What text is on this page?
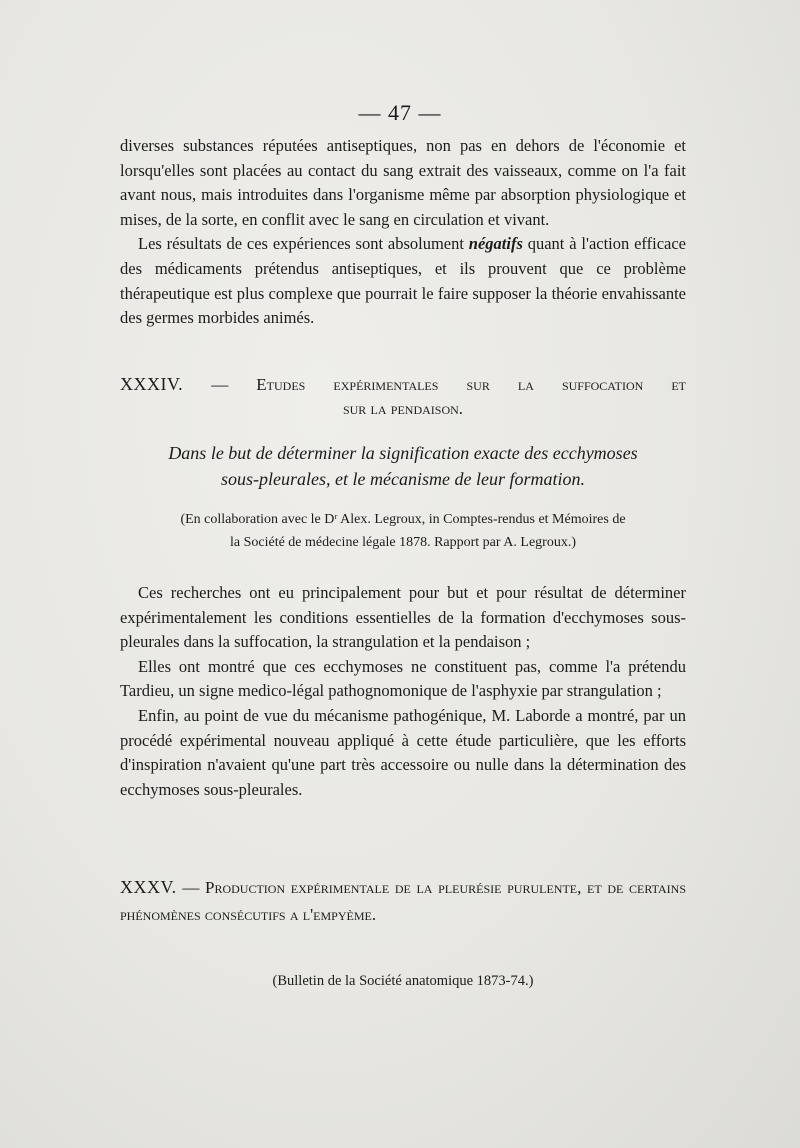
— 47 —

diverses substances réputées antiseptiques, non pas en dehors de l'économie et lorsqu'elles sont placées au contact du sang extrait des vaisseaux, comme on l'a fait avant nous, mais introduites dans l'organisme même par absorption physiologique et mises, de la sorte, en conflit avec le sang en circulation et vivant.

Les résultats de ces expériences sont absolument négatifs quant à l'action efficace des médicaments prétendus antiseptiques, et ils prouvent que ce problème thérapeutique est plus complexe que pourrait le faire supposer la théorie envahissante des germes morbides animés.

XXXIV. — Etudes expérimentales sur la suffocation et
sur la pendaison.
Dans le but de déterminer la signification exacte des ecchymoses
sous-pleurales, et le mécanisme de leur formation.
(En collaboration avec le Dʳ Alex. Legroux, in Comptes-rendus et Mémoires de
la Société de médecine légale 1878. Rapport par A. Legroux.)

Ces recherches ont eu principalement pour but et pour résultat de déterminer expérimentalement les conditions essentielles de la formation d'ecchymoses sous-pleurales dans la suffocation, la strangulation et la pendaison ;

Elles ont montré que ces ecchymoses ne constituent pas, comme l'a prétendu Tardieu, un signe medico-légal pathognomonique de l'asphyxie par strangulation ;

Enfin, au point de vue du mécanisme pathogénique, M. Laborde a montré, par un procédé expérimental nouveau appliqué à cette étude particulière, que les efforts d'inspiration n'avaient qu'une part très accessoire ou nulle dans la détermination des ecchymoses sous-pleurales.

XXXV. — Production expérimentale de la pleurésie purulente, et de certains phénomènes consécutifs a l'empyème.
(Bulletin de la Société anatomique 1873-74.)
